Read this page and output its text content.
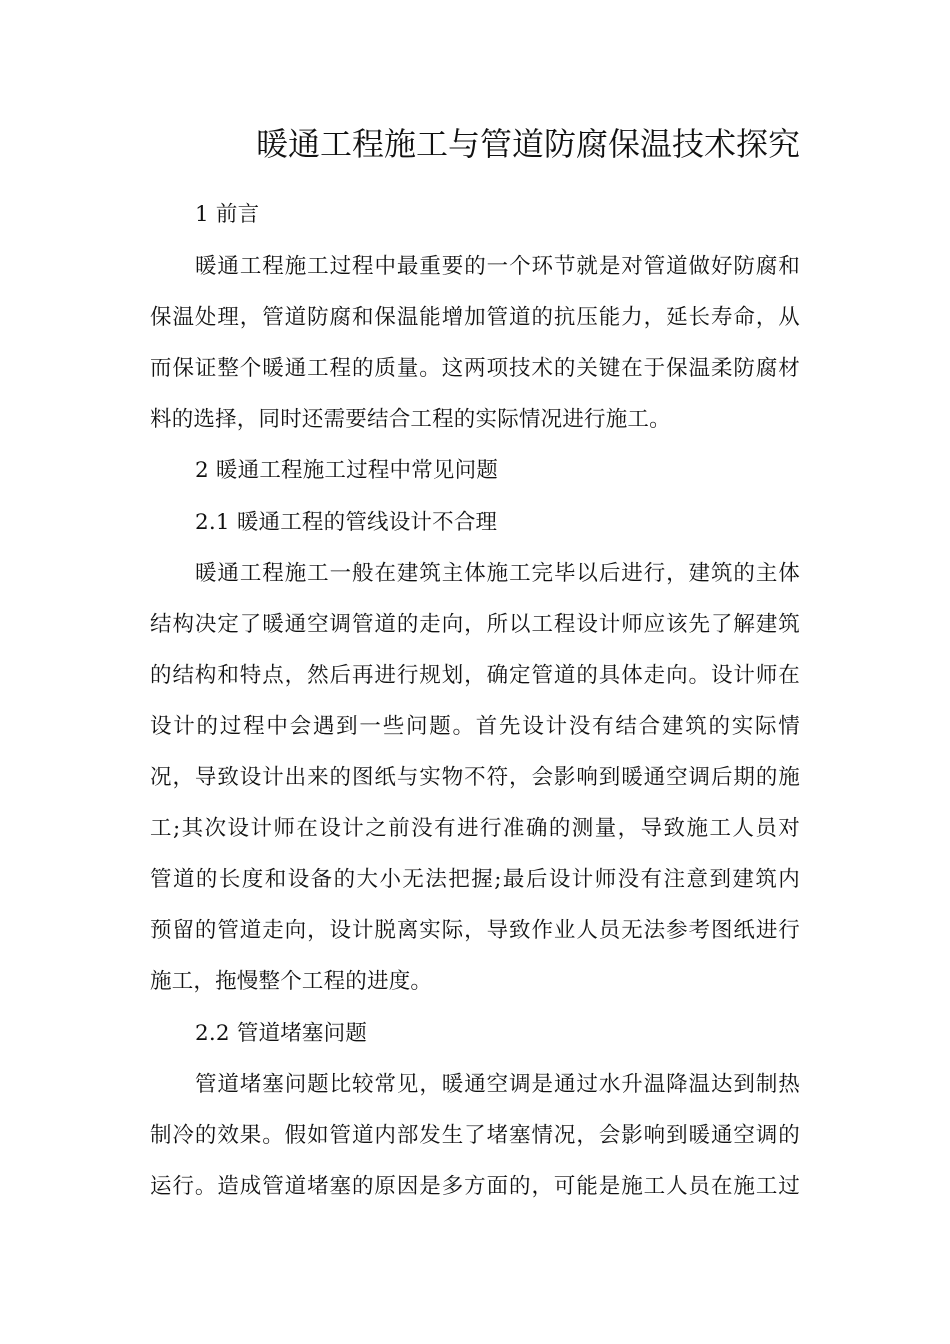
暖通工程施工与管道防腐保温技术探究
1 前言
暖通工程施工过程中最重要的一个环节就是对管道做好防腐和
保温处理，管道防腐和保温能增加管道的抗压能力，延长寿命，从
而保证整个暖通工程的质量。这两项技术的关键在于保温柔防腐材
料的选择，同时还需要结合工程的实际情况进行施工。
2 暖通工程施工过程中常见问题
2.1 暖通工程的管线设计不合理
暖通工程施工一般在建筑主体施工完毕以后进行，建筑的主体
结构决定了暖通空调管道的走向，所以工程设计师应该先了解建筑
的结构和特点，然后再进行规划，确定管道的具体走向。设计师在
设计的过程中会遇到一些问题。首先设计没有结合建筑的实际情
况，导致设计出来的图纸与实物不符，会影响到暖通空调后期的施
工;其次设计师在设计之前没有进行准确的测量，导致施工人员对
管道的长度和设备的大小无法把握;最后设计师没有注意到建筑内
预留的管道走向，设计脱离实际，导致作业人员无法参考图纸进行
施工，拖慢整个工程的进度。
2.2 管道堵塞问题
管道堵塞问题比较常见，暖通空调是通过水升温降温达到制热
制冷的效果。假如管道内部发生了堵塞情况，会影响到暖通空调的
运行。造成管道堵塞的原因是多方面的，可能是施工人员在施工过
